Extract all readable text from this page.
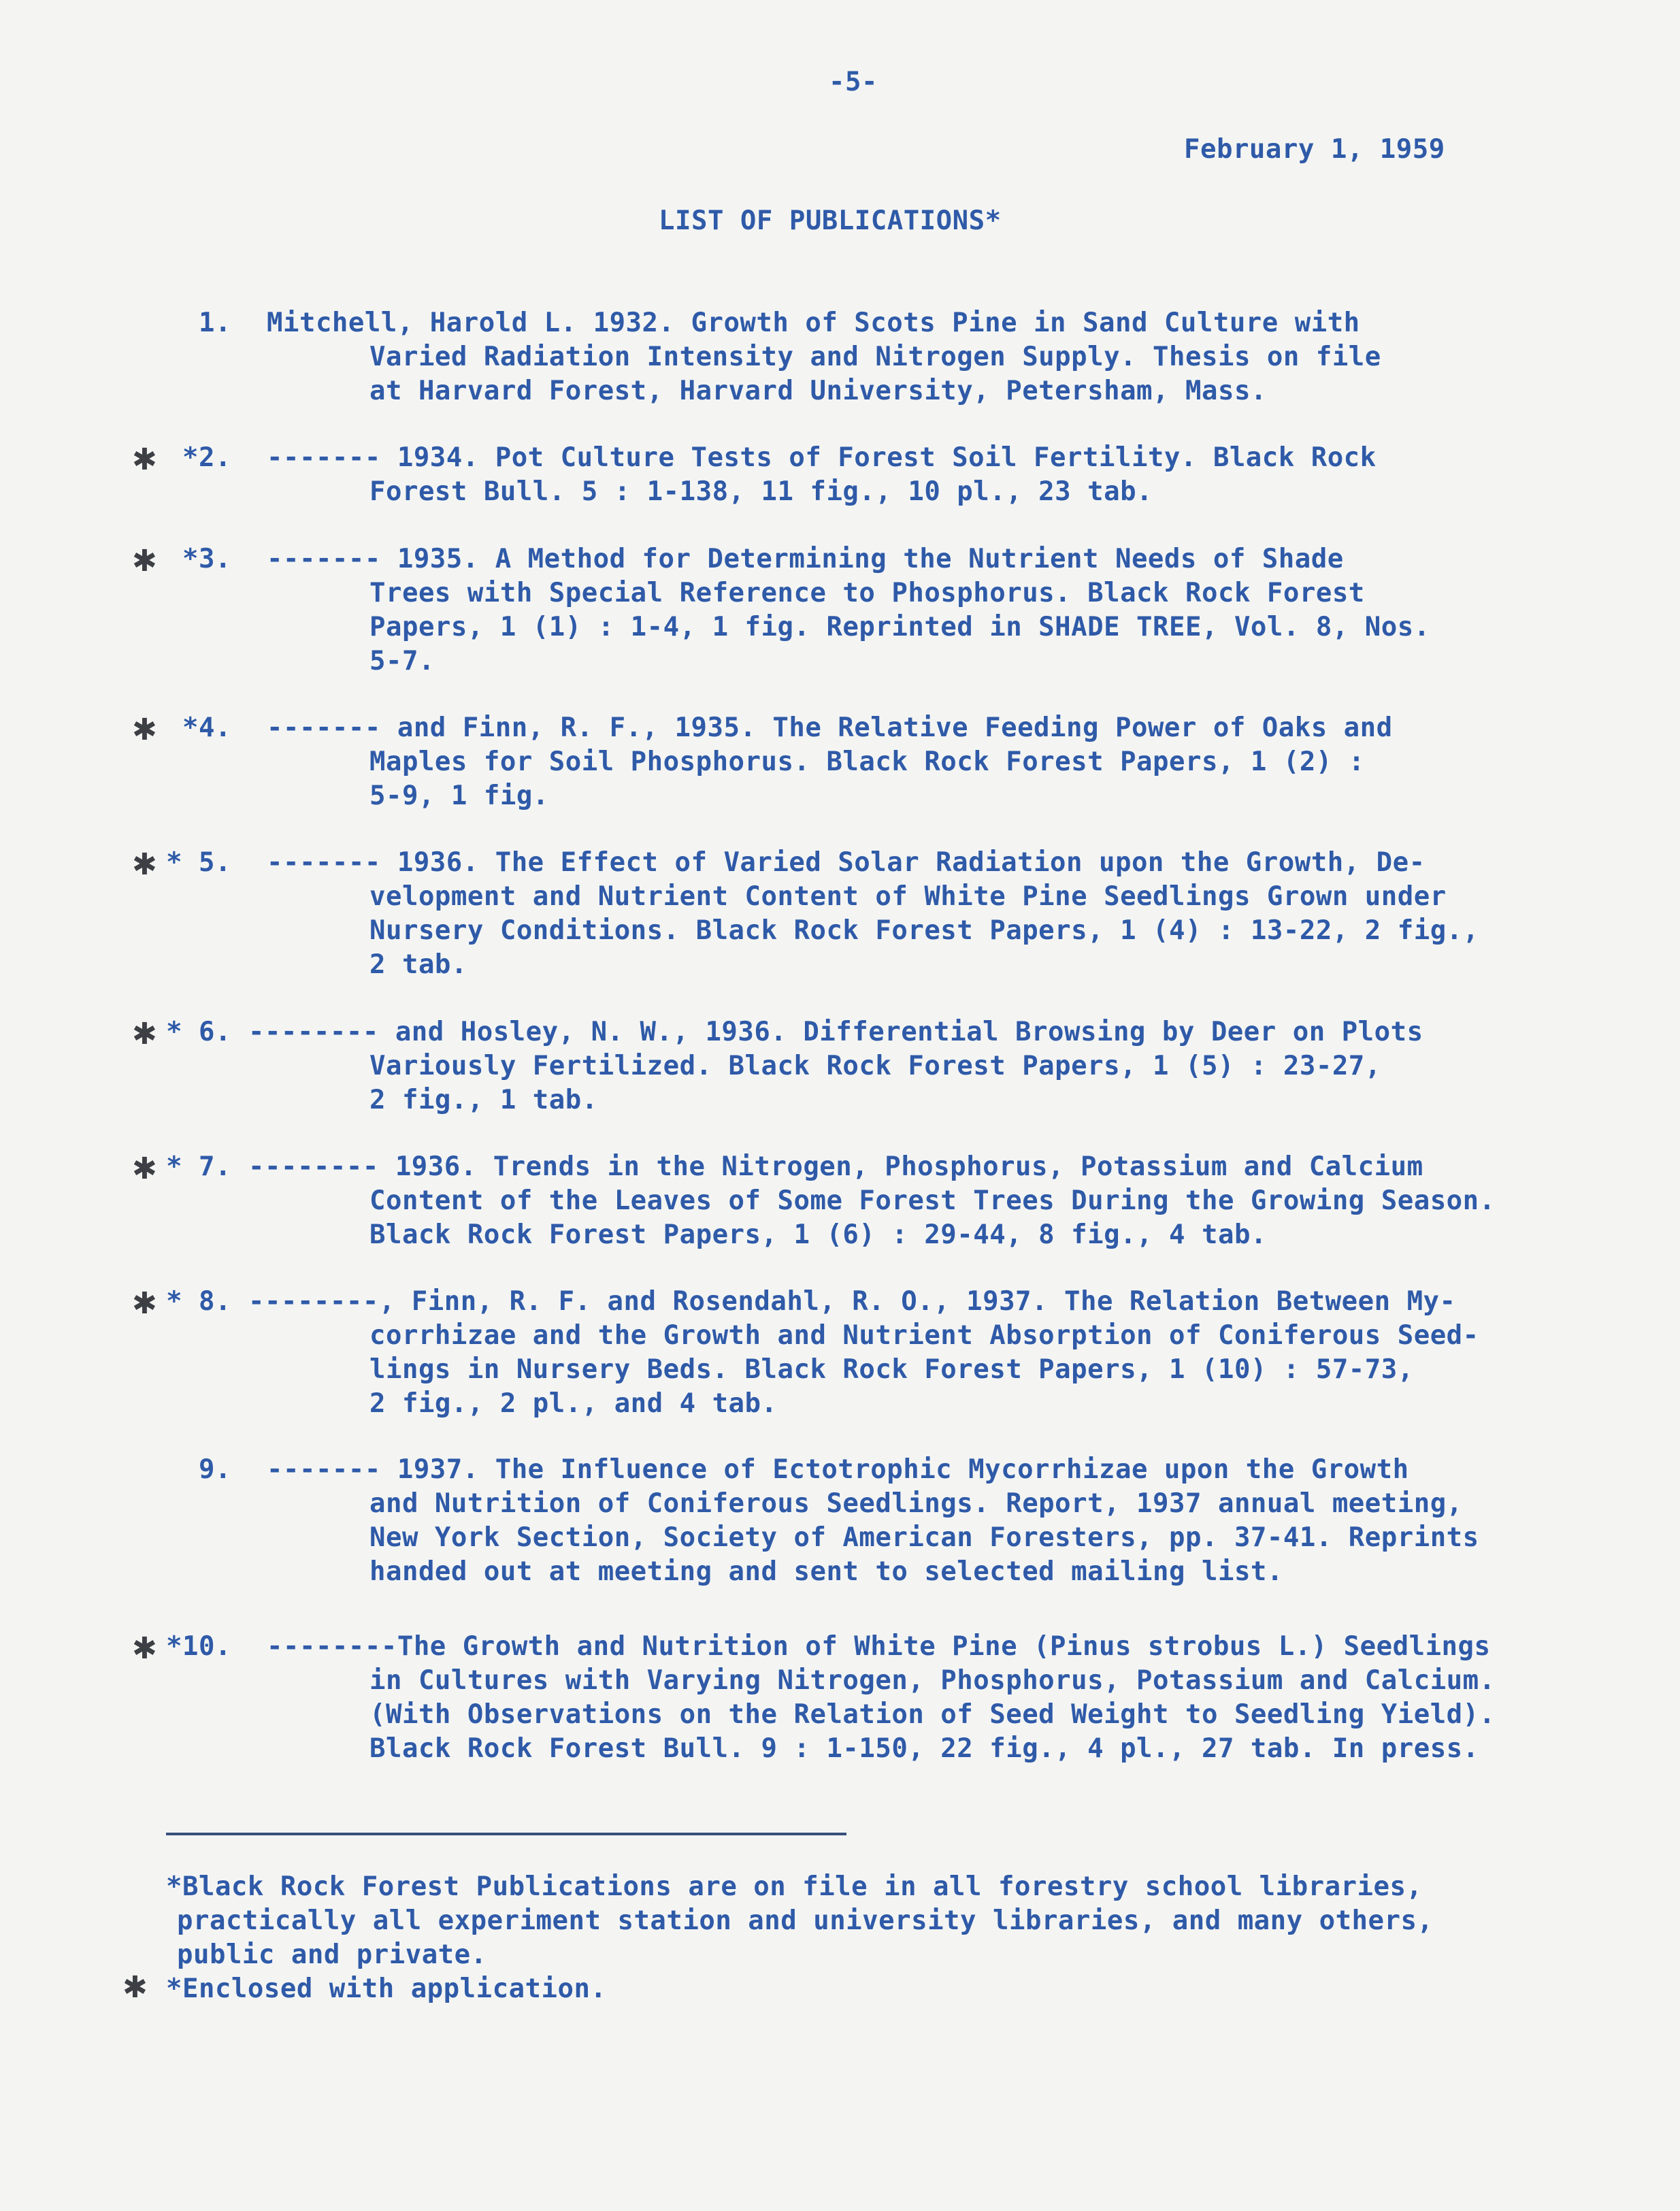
-5-
February 1, 1959
LIST OF PUBLICATIONS*
1. Mitchell, Harold L. 1932. Growth of Scots Pine in Sand Culture with
Varied Radiation Intensity and Nitrogen Supply. Thesis on file
at Harvard Forest, Harvard University, Petersham, Mass.
✱ *2. ------- 1934. Pot Culture Tests of Forest Soil Fertility. Black Rock
Forest Bull. 5 : 1-138, 11 fig., 10 pl., 23 tab.
✱ *3. ------- 1935. A Method for Determining the Nutrient Needs of Shade
Trees with Special Reference to Phosphorus. Black Rock Forest
Papers, 1 (1) : 1-4, 1 fig. Reprinted in SHADE TREE, Vol. 8, Nos.
5-7.
✱ *4. ------- and Finn, R. F., 1935. The Relative Feeding Power of Oaks and
Maples for Soil Phosphorus. Black Rock Forest Papers, 1 (2) :
5-9, 1 fig.
✱ * 5. ------- 1936. The Effect of Varied Solar Radiation upon the Growth, De-
velopment and Nutrient Content of White Pine Seedlings Grown under
Nursery Conditions. Black Rock Forest Papers, 1 (4) : 13-22, 2 fig.,
2 tab.
✱ * 6. -------- and Hosley, N. W., 1936. Differential Browsing by Deer on Plots
Variously Fertilized. Black Rock Forest Papers, 1 (5) : 23-27,
2 fig., 1 tab.
✱ * 7. -------- 1936. Trends in the Nitrogen, Phosphorus, Potassium and Calcium
Content of the Leaves of Some Forest Trees During the Growing Season.
Black Rock Forest Papers, 1 (6) : 29-44, 8 fig., 4 tab.
✱ * 8. --------, Finn, R. F. and Rosendahl, R. O., 1937. The Relation Between My-
corrhizae and the Growth and Nutrient Absorption of Coniferous Seed-
lings in Nursery Beds. Black Rock Forest Papers, 1 (10) : 57-73,
2 fig., 2 pl., and 4 tab.
9. ------- 1937. The Influence of Ectotrophic Mycorrhizae upon the Growth
and Nutrition of Coniferous Seedlings. Report, 1937 annual meeting,
New York Section, Society of American Foresters, pp. 37-41. Reprints
handed out at meeting and sent to selected mailing list.
✱ *10. --------The Growth and Nutrition of White Pine (Pinus strobus L.) Seedlings
in Cultures with Varying Nitrogen, Phosphorus, Potassium and Calcium.
(With Observations on the Relation of Seed Weight to Seedling Yield).
Black Rock Forest Bull. 9 : 1-150, 22 fig., 4 pl., 27 tab. In press.
*Black Rock Forest Publications are on file in all forestry school libraries,
practically all experiment station and university libraries, and many others,
public and private.
✱ *Enclosed with application.
